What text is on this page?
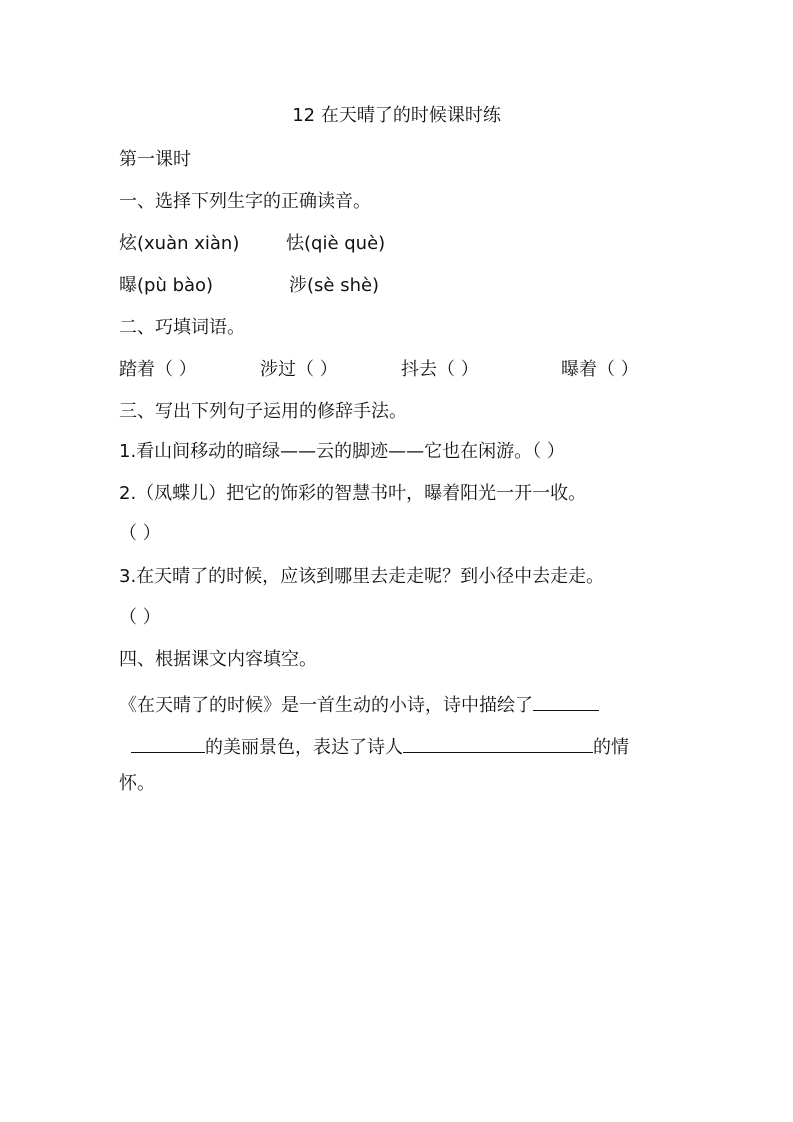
12 在天晴了的时候课时练
第一课时
一、选择下列生字的正确读音。
炫(xuàn xiàn)	怯(qiè què)
曝(pù bào)	涉(sè shè)
二、巧填词语。
踏着（ ）	涉过（ ）	抖去（ ）	曝着（ ）
三、写出下列句子运用的修辞手法。
1.看山间移动的暗绿——云的脚迹——它也在闲游。（ ）
2.（凤蝶儿）把它的饰彩的智慧书叶，曝着阳光一开一收。
（ ）
3.在天晴了的时候，应该到哪里去走走呢？到小径中去走走。
（ ）
四、根据课文内容填空。
《在天晴了的时候》是一首生动的小诗，诗中描绘了
的美丽景色，表达了诗人	的情
怀。
